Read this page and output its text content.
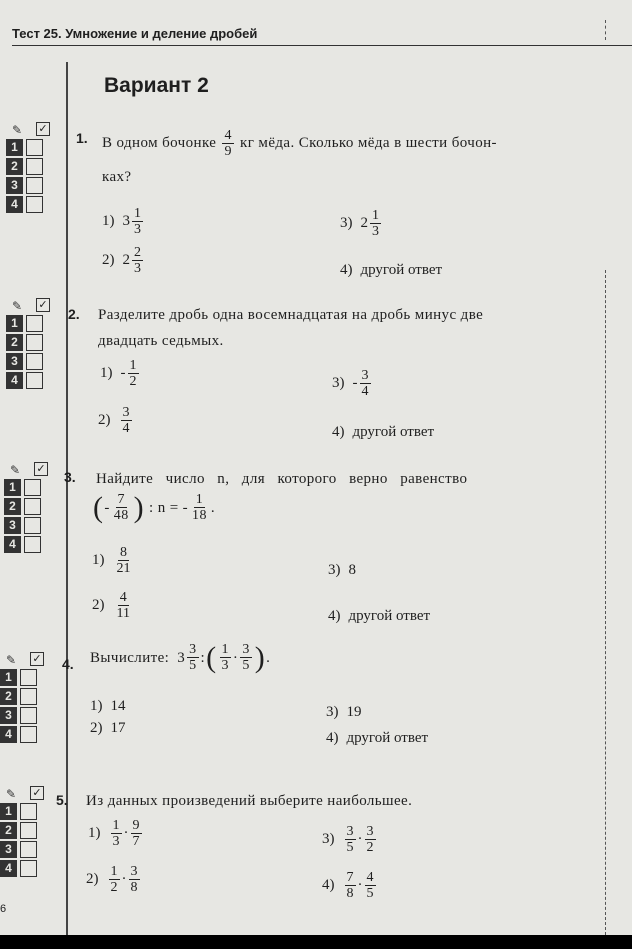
Тест 25. Умножение и деление дробей
Вариант 2
✎ ✓
1
2
3
4
✎ ✓
1
2
3
4
✎ ✓
1
2
3
4
✎ ✓
1
2
3
4
✎ ✓
1
2
3
4
1. В одном бочонке $\frac{4}{9}$ кг мёда. Сколько мёда в шести бочон-
ках?
1) $3 \frac{1}{3}$
2) $2 \frac{2}{3}$
3) $2 \frac{1}{3}$
4) другой ответ
2. Разделите дробь одна восемнадцатая на дробь минус две
двадцать седьмых.
$1) - \frac{1}{2}$
$2) \frac{3}{4}$
$3) - \frac{3}{4}$
4) другой ответ
3. Найдите   число   n,   для   которого   верно   равенство
( - $\frac{7}{48}$ ) : n = - $\frac{1}{18}$ .
$1) \frac{8}{21}$
$2) \frac{4}{11}$
3) 8
4) другой ответ
4. Вычислите: $3 \frac{3}{5}$ : ( $\frac{1}{3} \cdot \frac{3}{5}$ ) .
1) 14
2) 17
3) 19
4) другой ответ
5. Из данных произведений выберите наибольшее.
$1) \frac{1}{3} \cdot \frac{9}{7}$
$2) \frac{1}{2} \cdot \frac{3}{8}$
$3) \frac{3}{5} \cdot \frac{3}{2}$
$4) \frac{7}{8} \cdot \frac{4}{5}$
6
